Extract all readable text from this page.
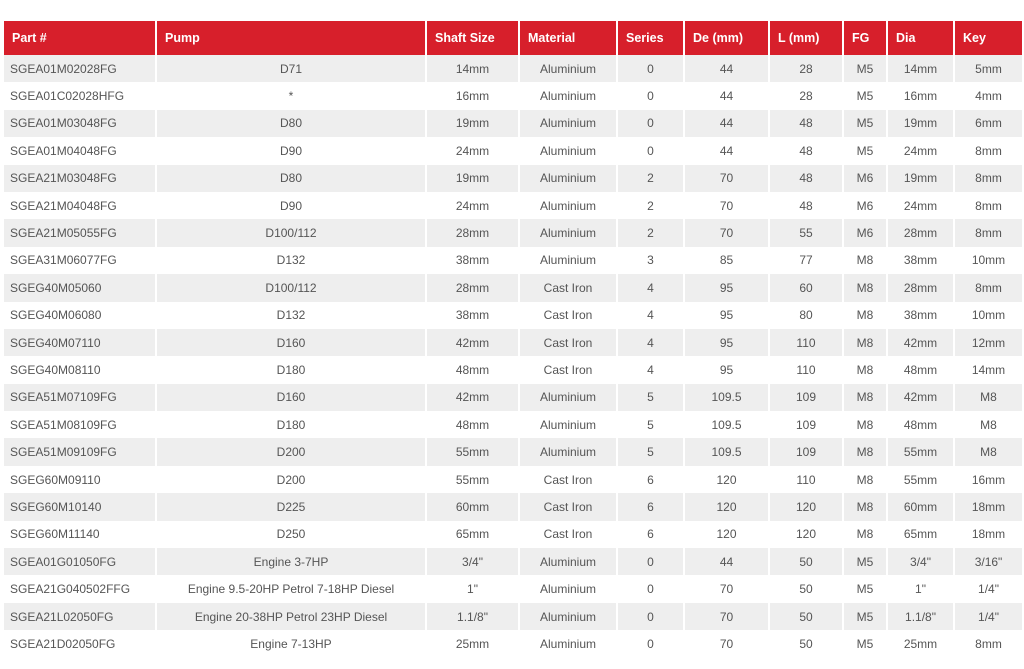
Part #	Pump	Shaft Size	Material	Series	De (mm)	L (mm)	FG	Dia	Key
SGEA01M02028FG	D71	14mm	Aluminium	0	44	28	M5	14mm	5mm
SGEA01C02028HFG	*	16mm	Aluminium	0	44	28	M5	16mm	4mm
SGEA01M03048FG	D80	19mm	Aluminium	0	44	48	M5	19mm	6mm
SGEA01M04048FG	D90	24mm	Aluminium	0	44	48	M5	24mm	8mm
SGEA21M03048FG	D80	19mm	Aluminium	2	70	48	M6	19mm	8mm
SGEA21M04048FG	D90	24mm	Aluminium	2	70	48	M6	24mm	8mm
SGEA21M05055FG	D100/112	28mm	Aluminium	2	70	55	M6	28mm	8mm
SGEA31M06077FG	D132	38mm	Aluminium	3	85	77	M8	38mm	10mm
SGEG40M05060	D100/112	28mm	Cast Iron	4	95	60	M8	28mm	8mm
SGEG40M06080	D132	38mm	Cast Iron	4	95	80	M8	38mm	10mm
SGEG40M07110	D160	42mm	Cast Iron	4	95	110	M8	42mm	12mm
SGEG40M08110	D180	48mm	Cast Iron	4	95	110	M8	48mm	14mm
SGEA51M07109FG	D160	42mm	Aluminium	5	109.5	109	M8	42mm	M8
SGEA51M08109FG	D180	48mm	Aluminium	5	109.5	109	M8	48mm	M8
SGEA51M09109FG	D200	55mm	Aluminium	5	109.5	109	M8	55mm	M8
SGEG60M09110	D200	55mm	Cast Iron	6	120	110	M8	55mm	16mm
SGEG60M10140	D225	60mm	Cast Iron	6	120	120	M8	60mm	18mm
SGEG60M11140	D250	65mm	Cast Iron	6	120	120	M8	65mm	18mm
SGEA01G01050FG	Engine 3-7HP	3/4"	Aluminium	0	44	50	M5	3/4"	3/16"
SGEA21G040502FFG	Engine 9.5-20HP Petrol 7-18HP Diesel	1"	Aluminium	0	70	50	M5	1"	1/4"
SGEA21L02050FG	Engine 20-38HP Petrol 23HP Diesel	1.1/8"	Aluminium	0	70	50	M5	1.1/8"	1/4"
SGEA21D02050FG	Engine 7-13HP	25mm	Aluminium	0	70	50	M5	25mm	8mm
